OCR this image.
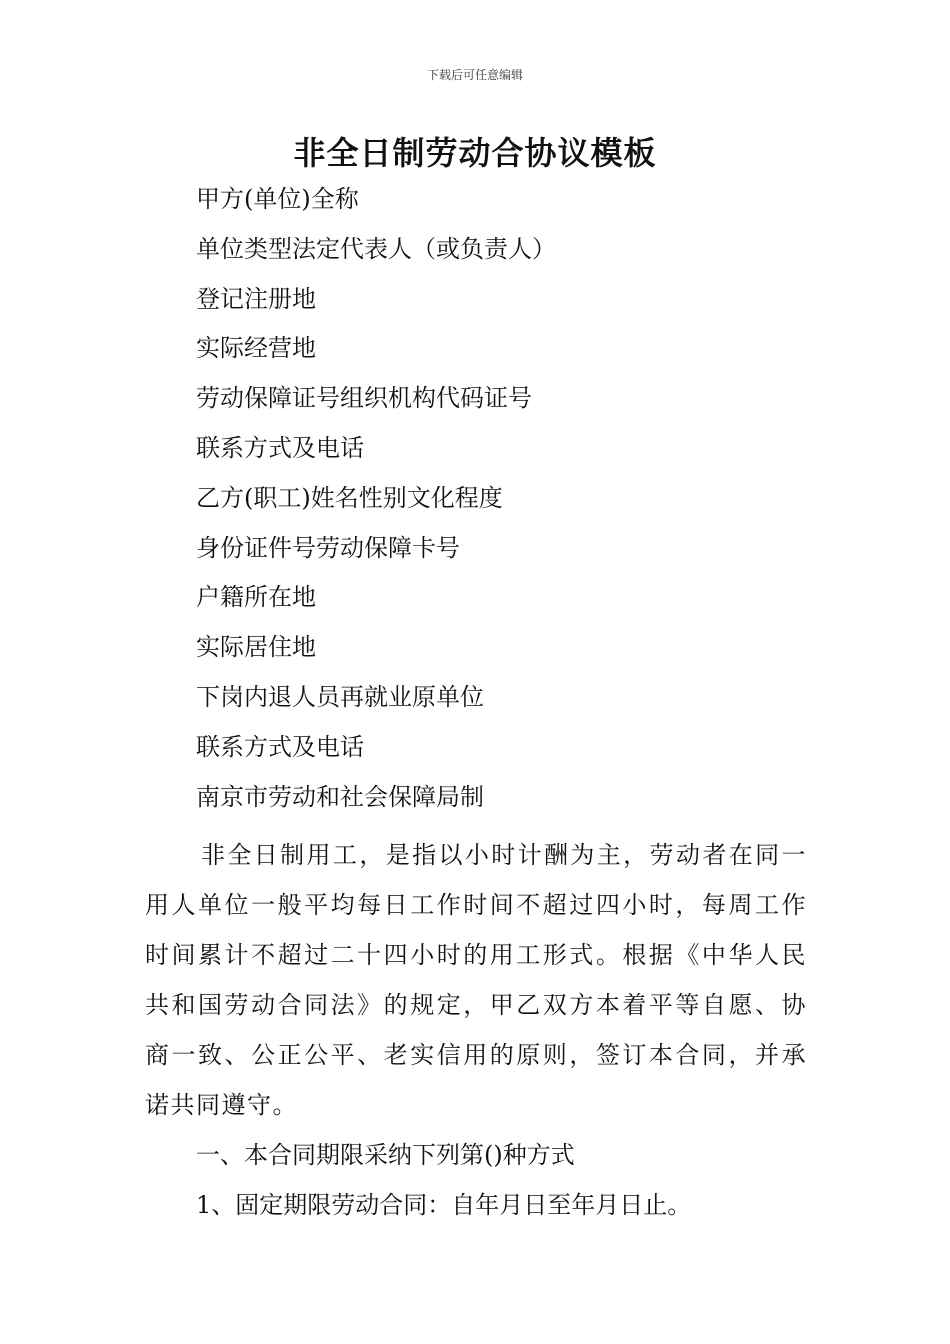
下载后可任意编辑
非全日制劳动合协议模板
甲方(单位)全称
单位类型法定代表人（或负责人）
登记注册地
实际经营地
劳动保障证号组织机构代码证号
联系方式及电话
乙方(职工)姓名性别文化程度
身份证件号劳动保障卡号
户籍所在地
实际居住地
下岗内退人员再就业原单位
联系方式及电话
南京市劳动和社会保障局制

非全日制用工，是指以小时计酬为主，劳动者在同一用人单位一般平均每日工作时间不超过四小时，每周工作时间累计不超过二十四小时的用工形式。根据《中华人民共和国劳动合同法》的规定，甲乙双方本着平等自愿、协商一致、公正公平、老实信用的原则，签订本合同，并承诺共同遵守。

一、本合同期限采纳下列第()种方式

1、固定期限劳动合同：自年月日至年月日止。
